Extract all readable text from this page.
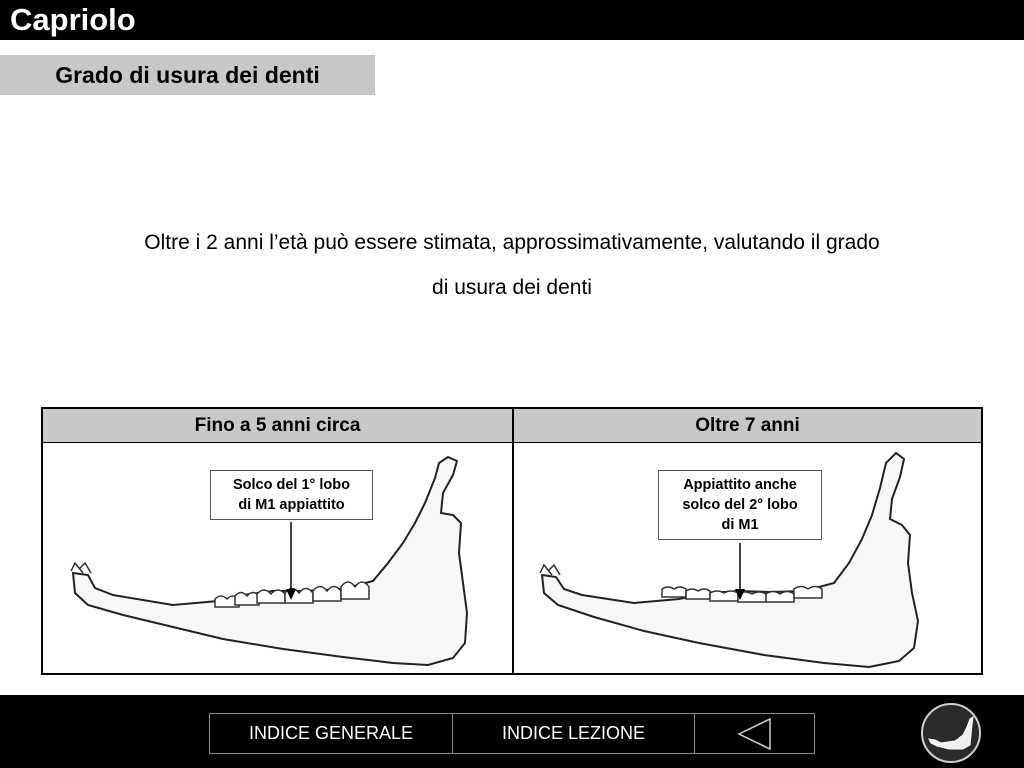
Capriolo
Grado di usura dei denti
Oltre i 2 anni l’età può essere stimata, approssimativamente, valutando il grado
di usura dei denti
Fino a 5 anni circa
Solco del 1° lobo
di M1 appiattito
Oltre 7 anni
Appiattito anche
solco del 2° lobo
di M1
INDICE GENERALE	INDICE LEZIONE
